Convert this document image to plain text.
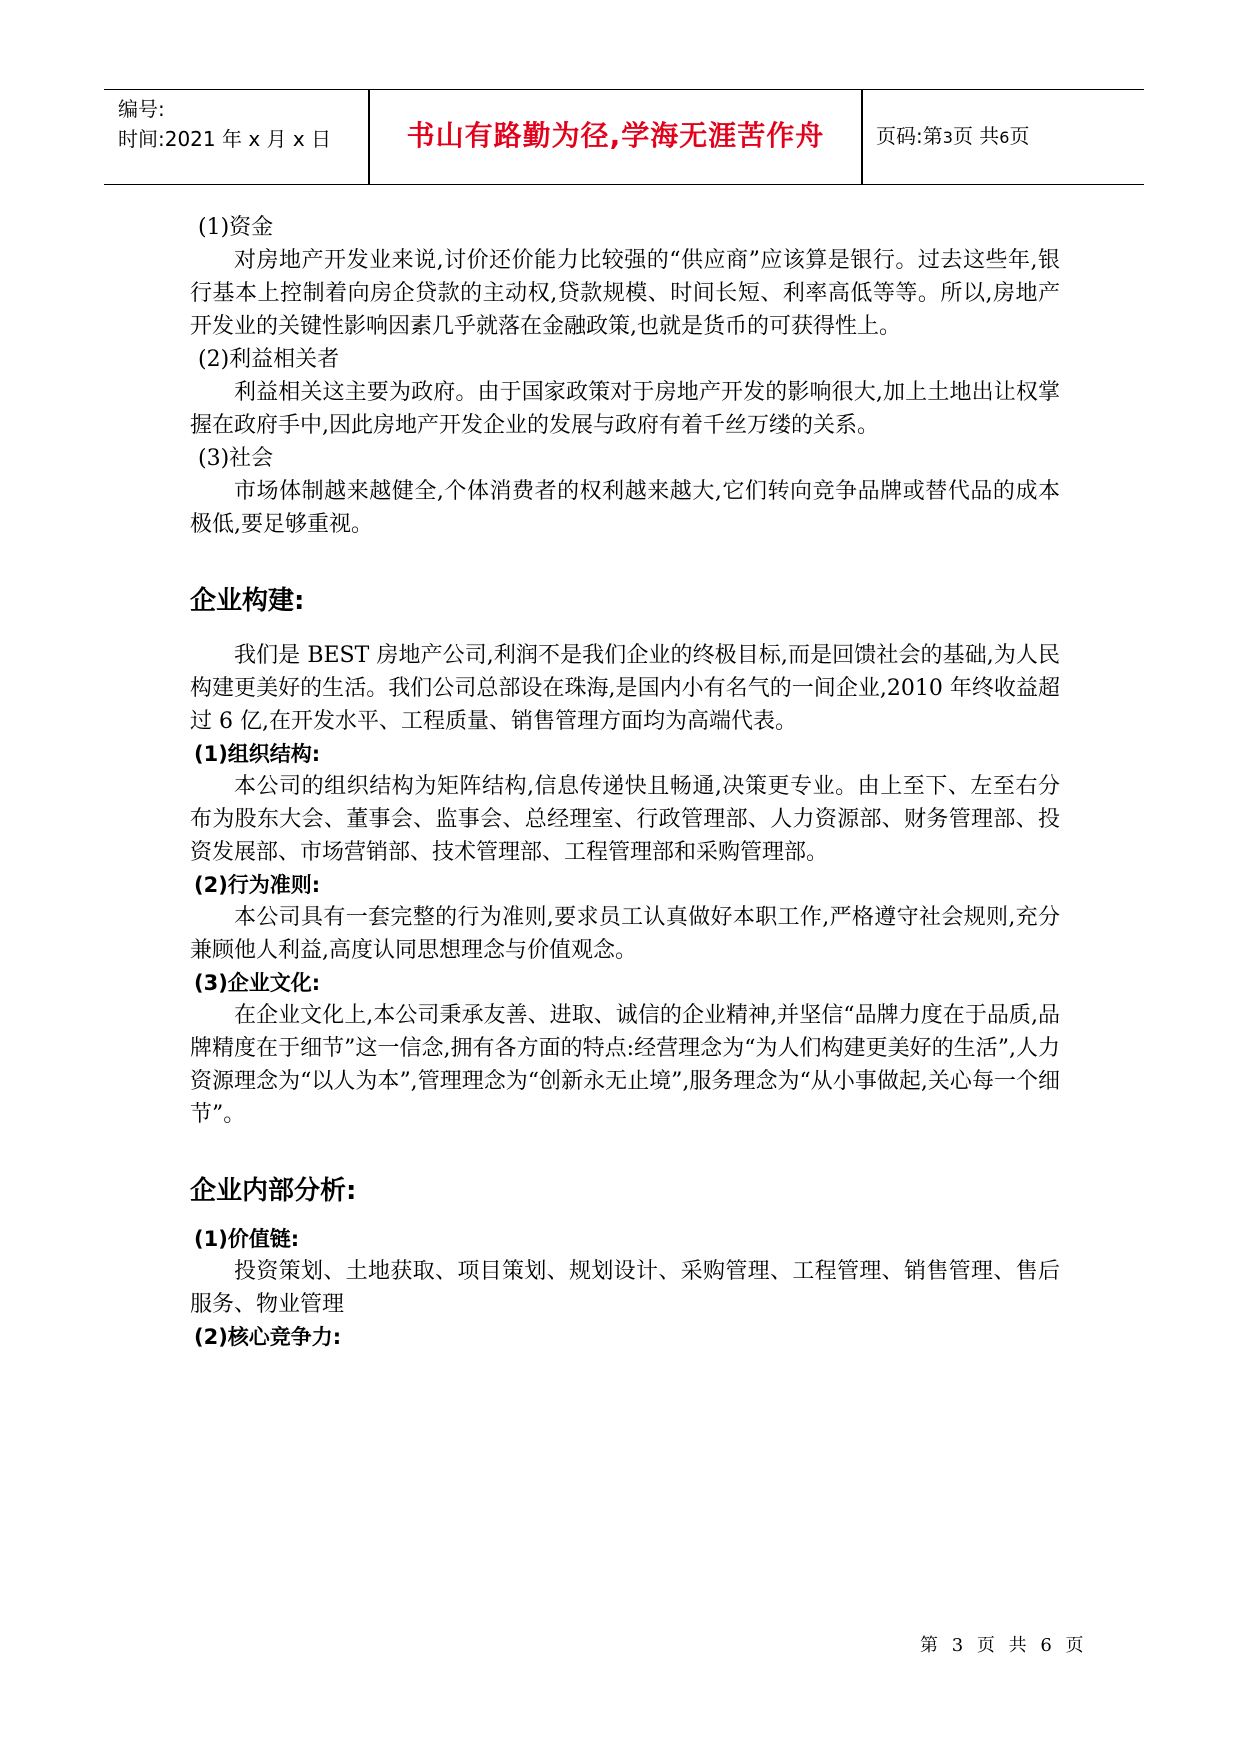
编号:
时间:2021 年 x 月 x 日	书山有路勤为径,学海无涯苦作舟	页码:第3页 共6页

(1)资金

对房地产开发业来说,讨价还价能力比较强的“供应商”应该算是银行。过去这些年,银行基本上控制着向房企贷款的主动权,贷款规模、时间长短、利率高低等等。所以,房地产开发业的关键性影响因素几乎就落在金融政策,也就是货币的可获得性上。

(2)利益相关者

利益相关这主要为政府。由于国家政策对于房地产开发的影响很大,加上土地出让权掌握在政府手中,因此房地产开发企业的发展与政府有着千丝万缕的关系。

(3)社会

市场体制越来越健全,个体消费者的权利越来越大,它们转向竞争品牌或替代品的成本极低,要足够重视。

企业构建:

我们是 BEST 房地产公司,利润不是我们企业的终极目标,而是回馈社会的基础,为人民构建更美好的生活。我们公司总部设在珠海,是国内小有名气的一间企业,2010 年终收益超过 6 亿,在开发水平、工程质量、销售管理方面均为高端代表。

(1)组织结构:

本公司的组织结构为矩阵结构,信息传递快且畅通,决策更专业。由上至下、左至右分布为股东大会、董事会、监事会、总经理室、行政管理部、人力资源部、财务管理部、投资发展部、市场营销部、技术管理部、工程管理部和采购管理部。

(2)行为准则:

本公司具有一套完整的行为准则,要求员工认真做好本职工作,严格遵守社会规则,充分兼顾他人利益,高度认同思想理念与价值观念。

(3)企业文化:

在企业文化上,本公司秉承友善、进取、诚信的企业精神,并坚信“品牌力度在于品质,品牌精度在于细节”这一信念,拥有各方面的特点:经营理念为“为人们构建更美好的生活”,人力资源理念为“以人为本”,管理理念为“创新永无止境”,服务理念为“从小事做起,关心每一个细节”。

企业内部分析:

(1)价值链:

投资策划、土地获取、项目策划、规划设计、采购管理、工程管理、销售管理、售后服务、物业管理

(2)核心竞争力:

第 3 页 共 6 页
